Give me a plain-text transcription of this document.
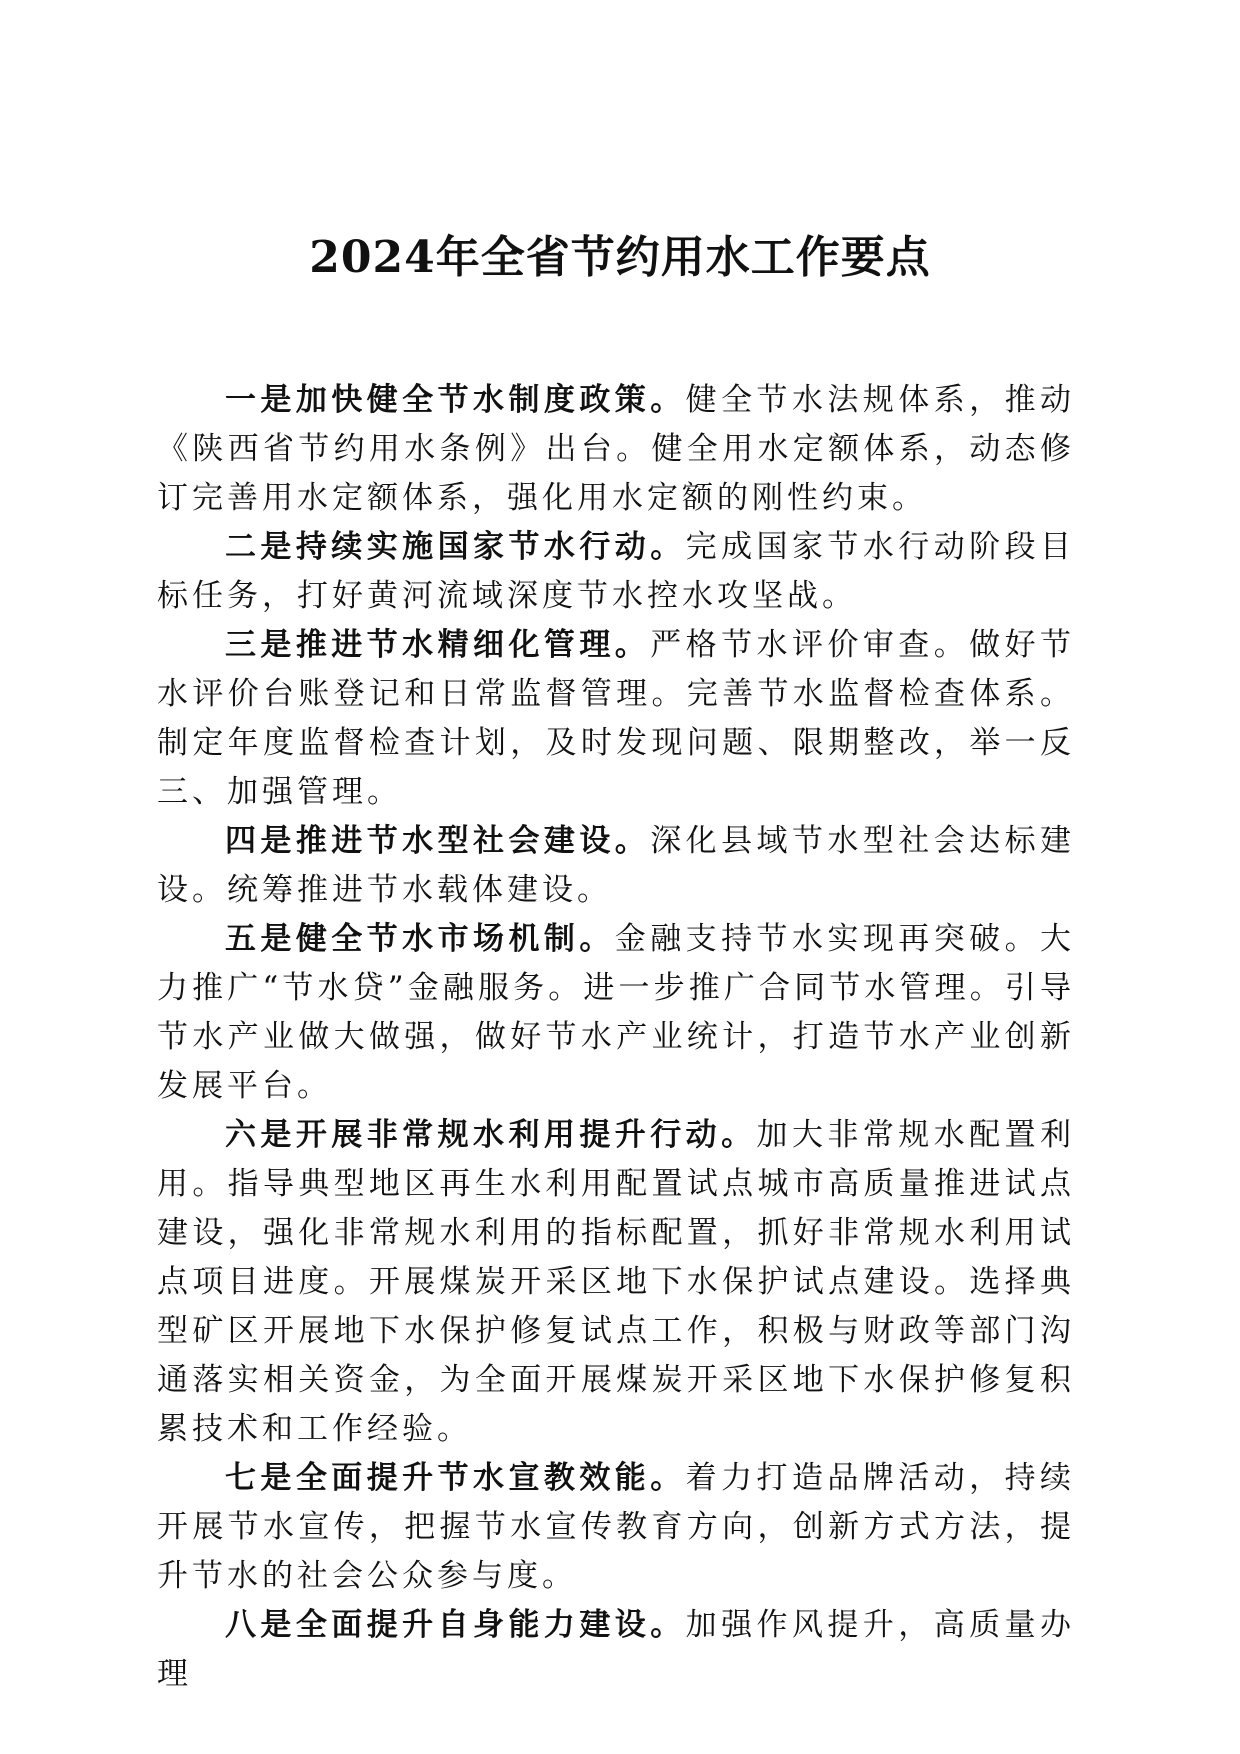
2024年全省节约用水工作要点

一是加快健全节水制度政策。健全节水法规体系，推动《陕西省节约用水条例》出台。健全用水定额体系，动态修订完善用水定额体系，强化用水定额的刚性约束。

二是持续实施国家节水行动。完成国家节水行动阶段目标任务，打好黄河流域深度节水控水攻坚战。

三是推进节水精细化管理。严格节水评价审查。做好节水评价台账登记和日常监督管理。完善节水监督检查体系。制定年度监督检查计划，及时发现问题、限期整改，举一反三、加强管理。

四是推进节水型社会建设。深化县域节水型社会达标建设。统筹推进节水载体建设。

五是健全节水市场机制。金融支持节水实现再突破。大力推广“节水贷”金融服务。进一步推广合同节水管理。引导节水产业做大做强，做好节水产业统计，打造节水产业创新发展平台。

六是开展非常规水利用提升行动。加大非常规水配置利用。指导典型地区再生水利用配置试点城市高质量推进试点建设，强化非常规水利用的指标配置，抓好非常规水利用试点项目进度。开展煤炭开采区地下水保护试点建设。选择典型矿区开展地下水保护修复试点工作，积极与财政等部门沟通落实相关资金，为全面开展煤炭开采区地下水保护修复积累技术和工作经验。

七是全面提升节水宣教效能。着力打造品牌活动，持续开展节水宣传，把握节水宣传教育方向，创新方式方法，提升节水的社会公众参与度。

八是全面提升自身能力建设。加强作风提升，高质量办理
